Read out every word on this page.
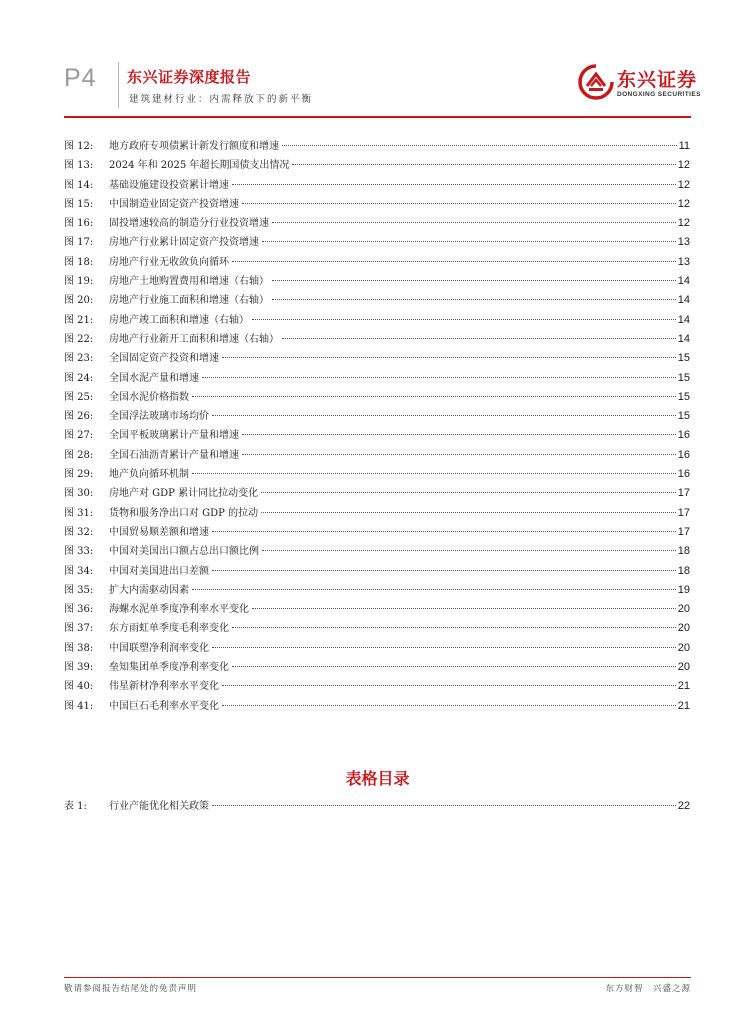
P4 东兴证券深度报告
建筑建材行业：内需释放下的新平衡
东兴证券
DONGXING SECURITIES
图 12:	地方政府专项债累计新发行额度和增速	11
图 13:	2024 年和 2025 年超长期国债支出情况	12
图 14:	基础设施建设投资累计增速	12
图 15:	中国制造业固定资产投资增速	12
图 16:	固投增速较高的制造分行业投资增速	12
图 17:	房地产行业累计固定资产投资增速	13
图 18:	房地产行业无收敛负向循环	13
图 19:	房地产土地购置费用和增速（右轴）	14
图 20:	房地产行业施工面积和增速（右轴）	14
图 21:	房地产竣工面积和增速（右轴）	14
图 22:	房地产行业新开工面积和增速（右轴）	14
图 23:	全国固定资产投资和增速	15
图 24:	全国水泥产量和增速	15
图 25:	全国水泥价格指数	15
图 26:	全国浮法玻璃市场均价	15
图 27:	全国平板玻璃累计产量和增速	16
图 28:	全国石油沥青累计产量和增速	16
图 29:	地产负向循环机制	16
图 30:	房地产对 GDP 累计同比拉动变化	17
图 31:	货物和服务净出口对 GDP 的拉动	17
图 32:	中国贸易顺差额和增速	17
图 33:	中国对美国出口额占总出口额比例	18
图 34:	中国对美国进出口差额	18
图 35:	扩大内需驱动因素	19
图 36:	海螺水泥单季度净利率水平变化	20
图 37:	东方雨虹单季度毛利率变化	20
图 38:	中国联塑净利润率变化	20
图 39:	垒知集团单季度净利率变化	20
图 40:	伟星新材净利率水平变化	21
图 41:	中国巨石毛利率水平变化	21
表格目录
表 1:	行业产能优化相关政策	22
敬请参阅报告结尾处的免责声明	东方财智　兴盛之源
